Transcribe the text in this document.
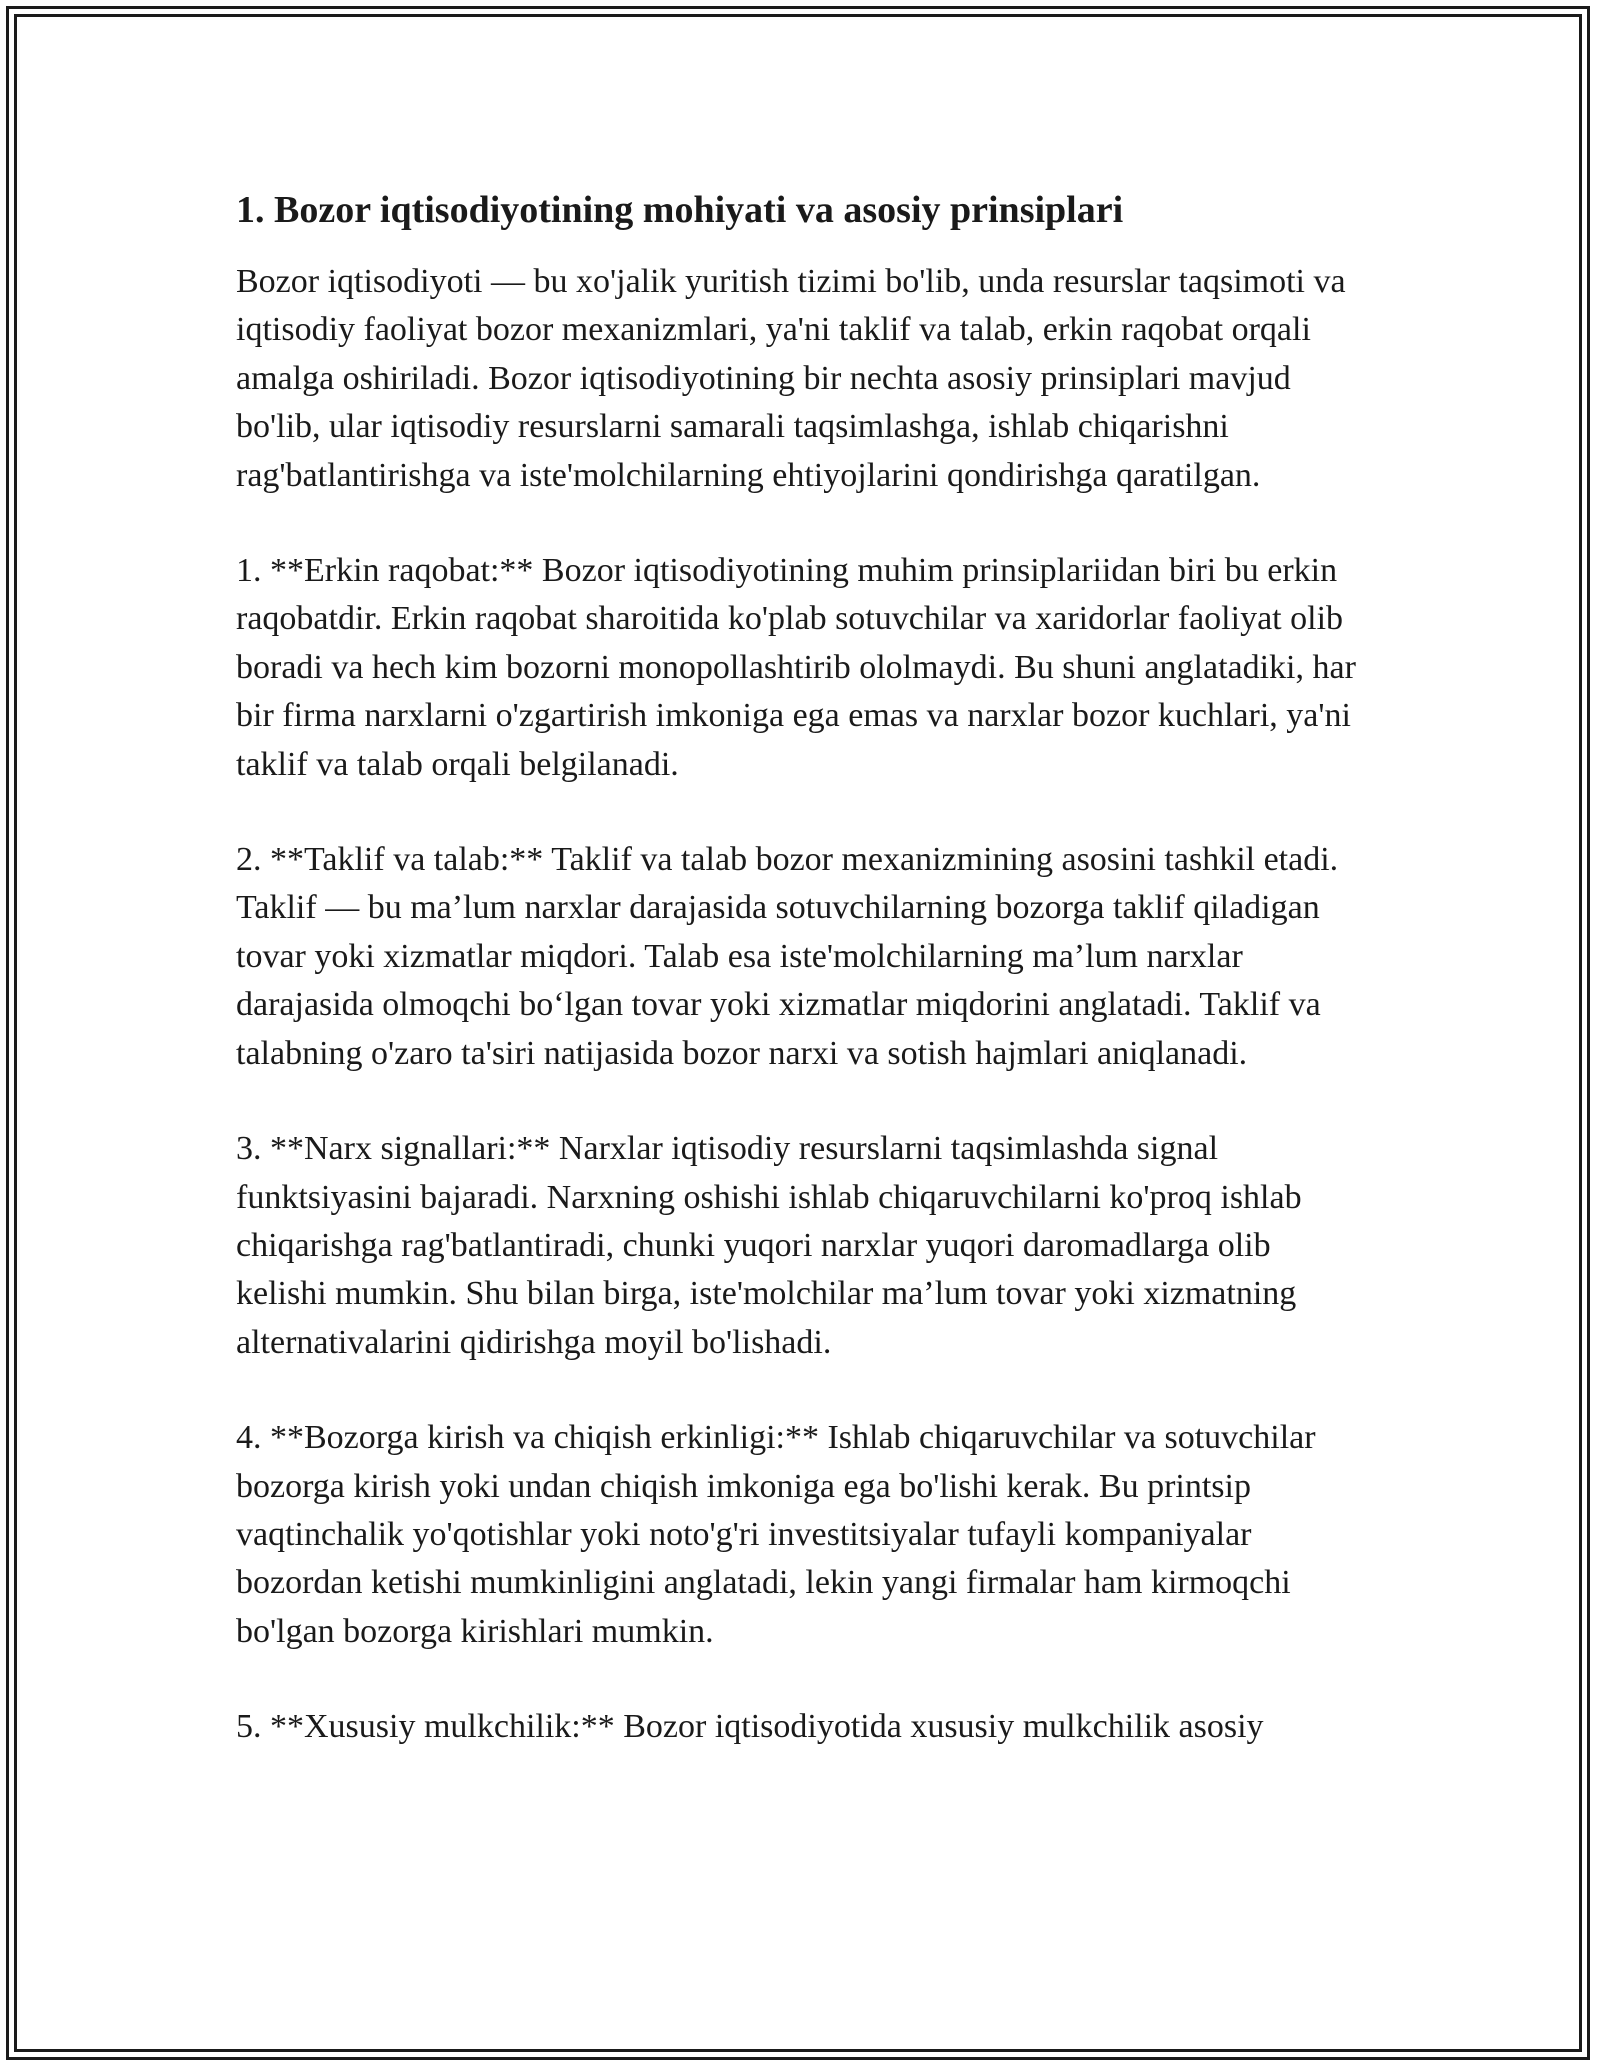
1. Bozor iqtisodiyotining mohiyati va asosiy prinsiplari

Bozor iqtisodiyoti — bu xo'jalik yuritish tizimi bo'lib, unda resurslar taqsimoti va iqtisodiy faoliyat bozor mexanizmlari, ya'ni taklif va talab, erkin raqobat orqali amalga oshiriladi. Bozor iqtisodiyotining bir nechta asosiy prinsiplari mavjud bo'lib, ular iqtisodiy resurslarni samarali taqsimlashga, ishlab chiqarishni rag'batlantirishga va iste'molchilarning ehtiyojlarini qondirishga qaratilgan.

1. **Erkin raqobat:** Bozor iqtisodiyotining muhim prinsiplariidan biri bu erkin raqobatdir. Erkin raqobat sharoitida ko'plab sotuvchilar va xaridorlar faoliyat olib boradi va hech kim bozorni monopollashtirib ololmaydi. Bu shuni anglatadiki, har bir firma narxlarni o'zgartirish imkoniga ega emas va narxlar bozor kuchlari, ya'ni taklif va talab orqali belgilanadi.

2. **Taklif va talab:** Taklif va talab bozor mexanizmining asosini tashkil etadi. Taklif — bu ma’lum narxlar darajasida sotuvchilarning bozorga taklif qiladigan tovar yoki xizmatlar miqdori. Talab esa iste'molchilarning ma’lum narxlar darajasida olmoqchi bo‘lgan tovar yoki xizmatlar miqdorini anglatadi. Taklif va talabning o'zaro ta'siri natijasida bozor narxi va sotish hajmlari aniqlanadi.

3. **Narx signallari:** Narxlar iqtisodiy resurslarni taqsimlashda signal funktsiyasini bajaradi. Narxning oshishi ishlab chiqaruvchilarni ko'proq ishlab chiqarishga rag'batlantiradi, chunki yuqori narxlar yuqori daromadlarga olib kelishi mumkin. Shu bilan birga, iste'molchilar ma’lum tovar yoki xizmatning alternativalarini qidirishga moyil bo'lishadi.

4. **Bozorga kirish va chiqish erkinligi:** Ishlab chiqaruvchilar va sotuvchilar bozorga kirish yoki undan chiqish imkoniga ega bo'lishi kerak. Bu printsip vaqtinchalik yo'qotishlar yoki noto'g'ri investitsiyalar tufayli kompaniyalar bozordan ketishi mumkinligini anglatadi, lekin yangi firmalar ham kirmoqchi bo'lgan bozorga kirishlari mumkin.

5. **Xususiy mulkchilik:** Bozor iqtisodiyotida xususiy mulkchilik asosiy
